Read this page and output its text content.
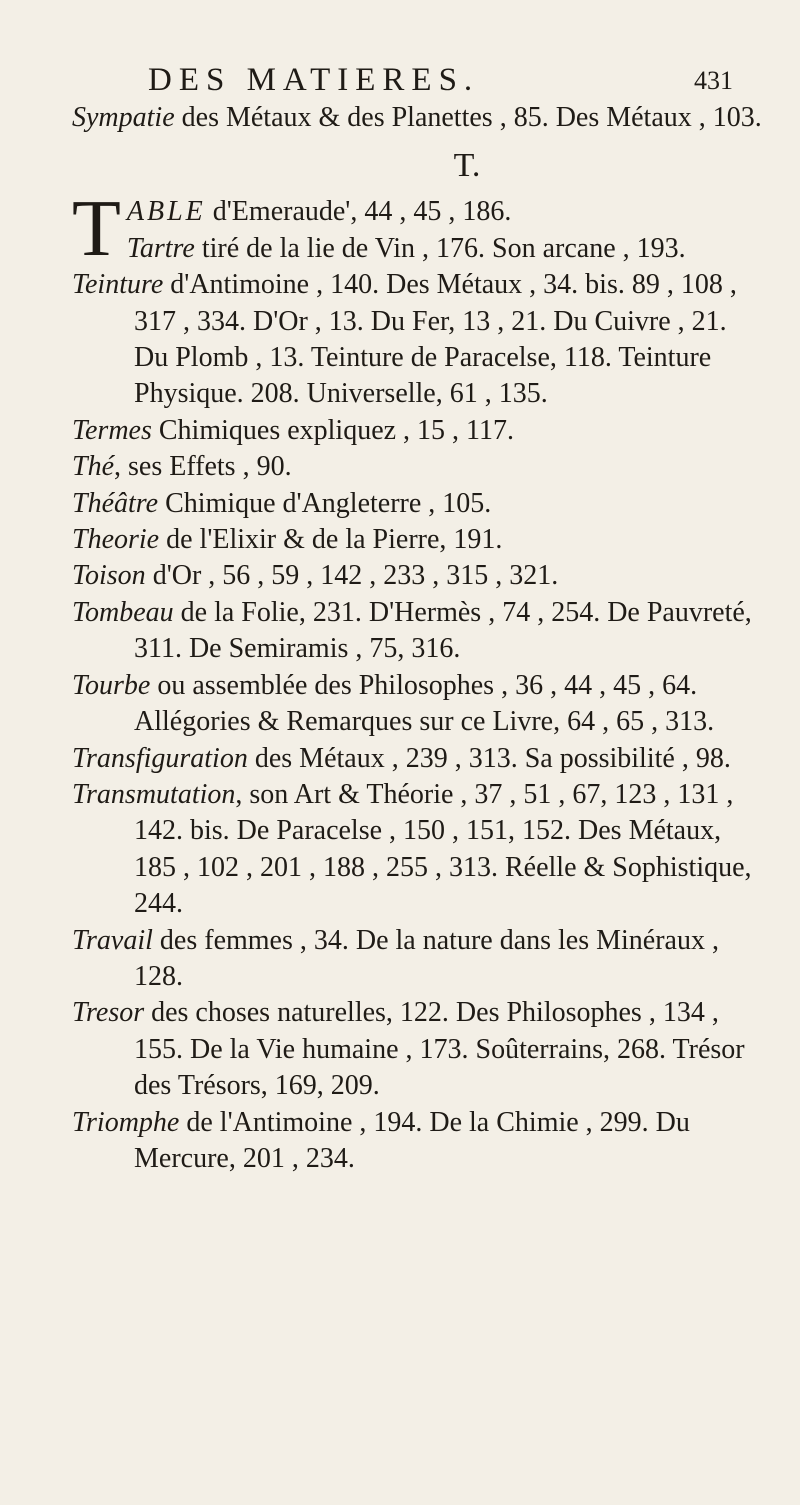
DES MATIERES.	431

Sympatie des Métaux & des Planettes , 85. Des Métaux , 103.

T.
T ABLE d'Emeraude', 44 , 45 , 186.
Tartre tiré de la lie de Vin , 176. Son arcane , 193.

Teinture d'Antimoine , 140. Des Métaux , 34. bis. 89 , 108 , 317 , 334. D'Or , 13. Du Fer, 13 , 21. Du Cuivre , 21. Du Plomb , 13. Teinture de Paracelse, 118. Teinture Physique. 208. Universelle, 61 , 135.

Termes Chimiques expliquez , 15 , 117.

Thé, ses Effets , 90.

Théâtre Chimique d'Angleterre , 105.

Theorie de l'Elixir & de la Pierre, 191.

Toison d'Or , 56 , 59 , 142 , 233 , 315 , 321.

Tombeau de la Folie, 231. D'Hermès , 74 , 254. De Pauvreté, 311. De Semiramis , 75, 316.

Tourbe ou assemblée des Philosophes , 36 , 44 , 45 , 64. Allégories & Remarques sur ce Livre, 64 , 65 , 313.

Transfiguration des Métaux , 239 , 313. Sa possibilité , 98.

Transmutation, son Art & Théorie , 37 , 51 , 67, 123 , 131 , 142. bis. De Paracelse , 150 , 151, 152. Des Métaux, 185 , 102 , 201 , 188 , 255 , 313. Réelle & Sophistique, 244.

Travail des femmes , 34. De la nature dans les Minéraux , 128.

Tresor des choses naturelles, 122. Des Philosophes , 134 , 155. De la Vie humaine , 173. Soûterrains, 268. Trésor des Trésors, 169, 209.

Triomphe de l'Antimoine , 194. De la Chimie , 299. Du Mercure, 201 , 234.
